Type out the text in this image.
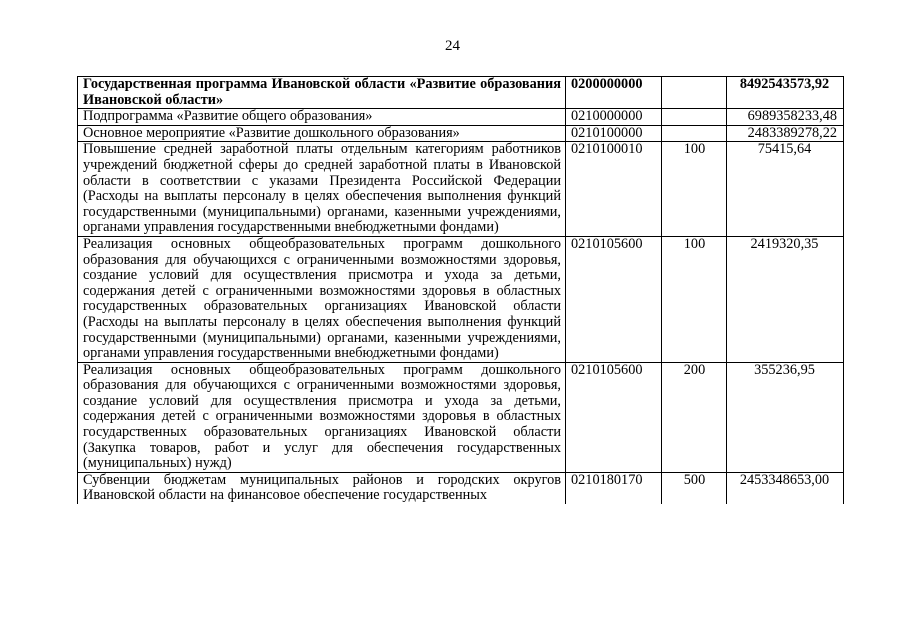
24
Государственная программа Ивановской области «Развитие образования Ивановской области»	0200000000		8492543573,92
Подпрограмма «Развитие общего образования»	0210000000		6989358233,48
Основное мероприятие «Развитие дошкольного образования»	0210100000		2483389278,22
Повышение средней заработной платы отдельным категориям работников учреждений бюджетной сферы до средней заработной платы в Ивановской области в соответствии с указами Президента Российской Федерации (Расходы на выплаты персоналу в целях обеспечения выполнения функций государственными (муниципальными) органами, казенными учреждениями, органами управления государственными внебюджетными фондами)	0210100010	100	75415,64
Реализация основных общеобразовательных программ дошкольного образования для обучающихся с ограниченными возможностями здоровья, создание условий для осуществления присмотра и ухода за детьми, содержания детей с ограниченными возможностями здоровья в областных государственных образовательных организациях Ивановской области (Расходы на выплаты персоналу в целях обеспечения выполнения функций государственными (муниципальными) органами, казенными учреждениями, органами управления государственными внебюджетными фондами)	0210105600	100	2419320,35
Реализация основных общеобразовательных программ дошкольного образования для обучающихся с ограниченными возможностями здоровья, создание условий для осуществления присмотра и ухода за детьми, содержания детей с ограниченными возможностями здоровья в областных государственных образовательных организациях Ивановской области (Закупка товаров, работ и услуг для обеспечения государственных (муниципальных) нужд)	0210105600	200	355236,95

Субвенции бюджетам муниципальных районов и городских округов Ивановской области на финансовое обеспечение государственных	0210180170	500	2453348653,00
